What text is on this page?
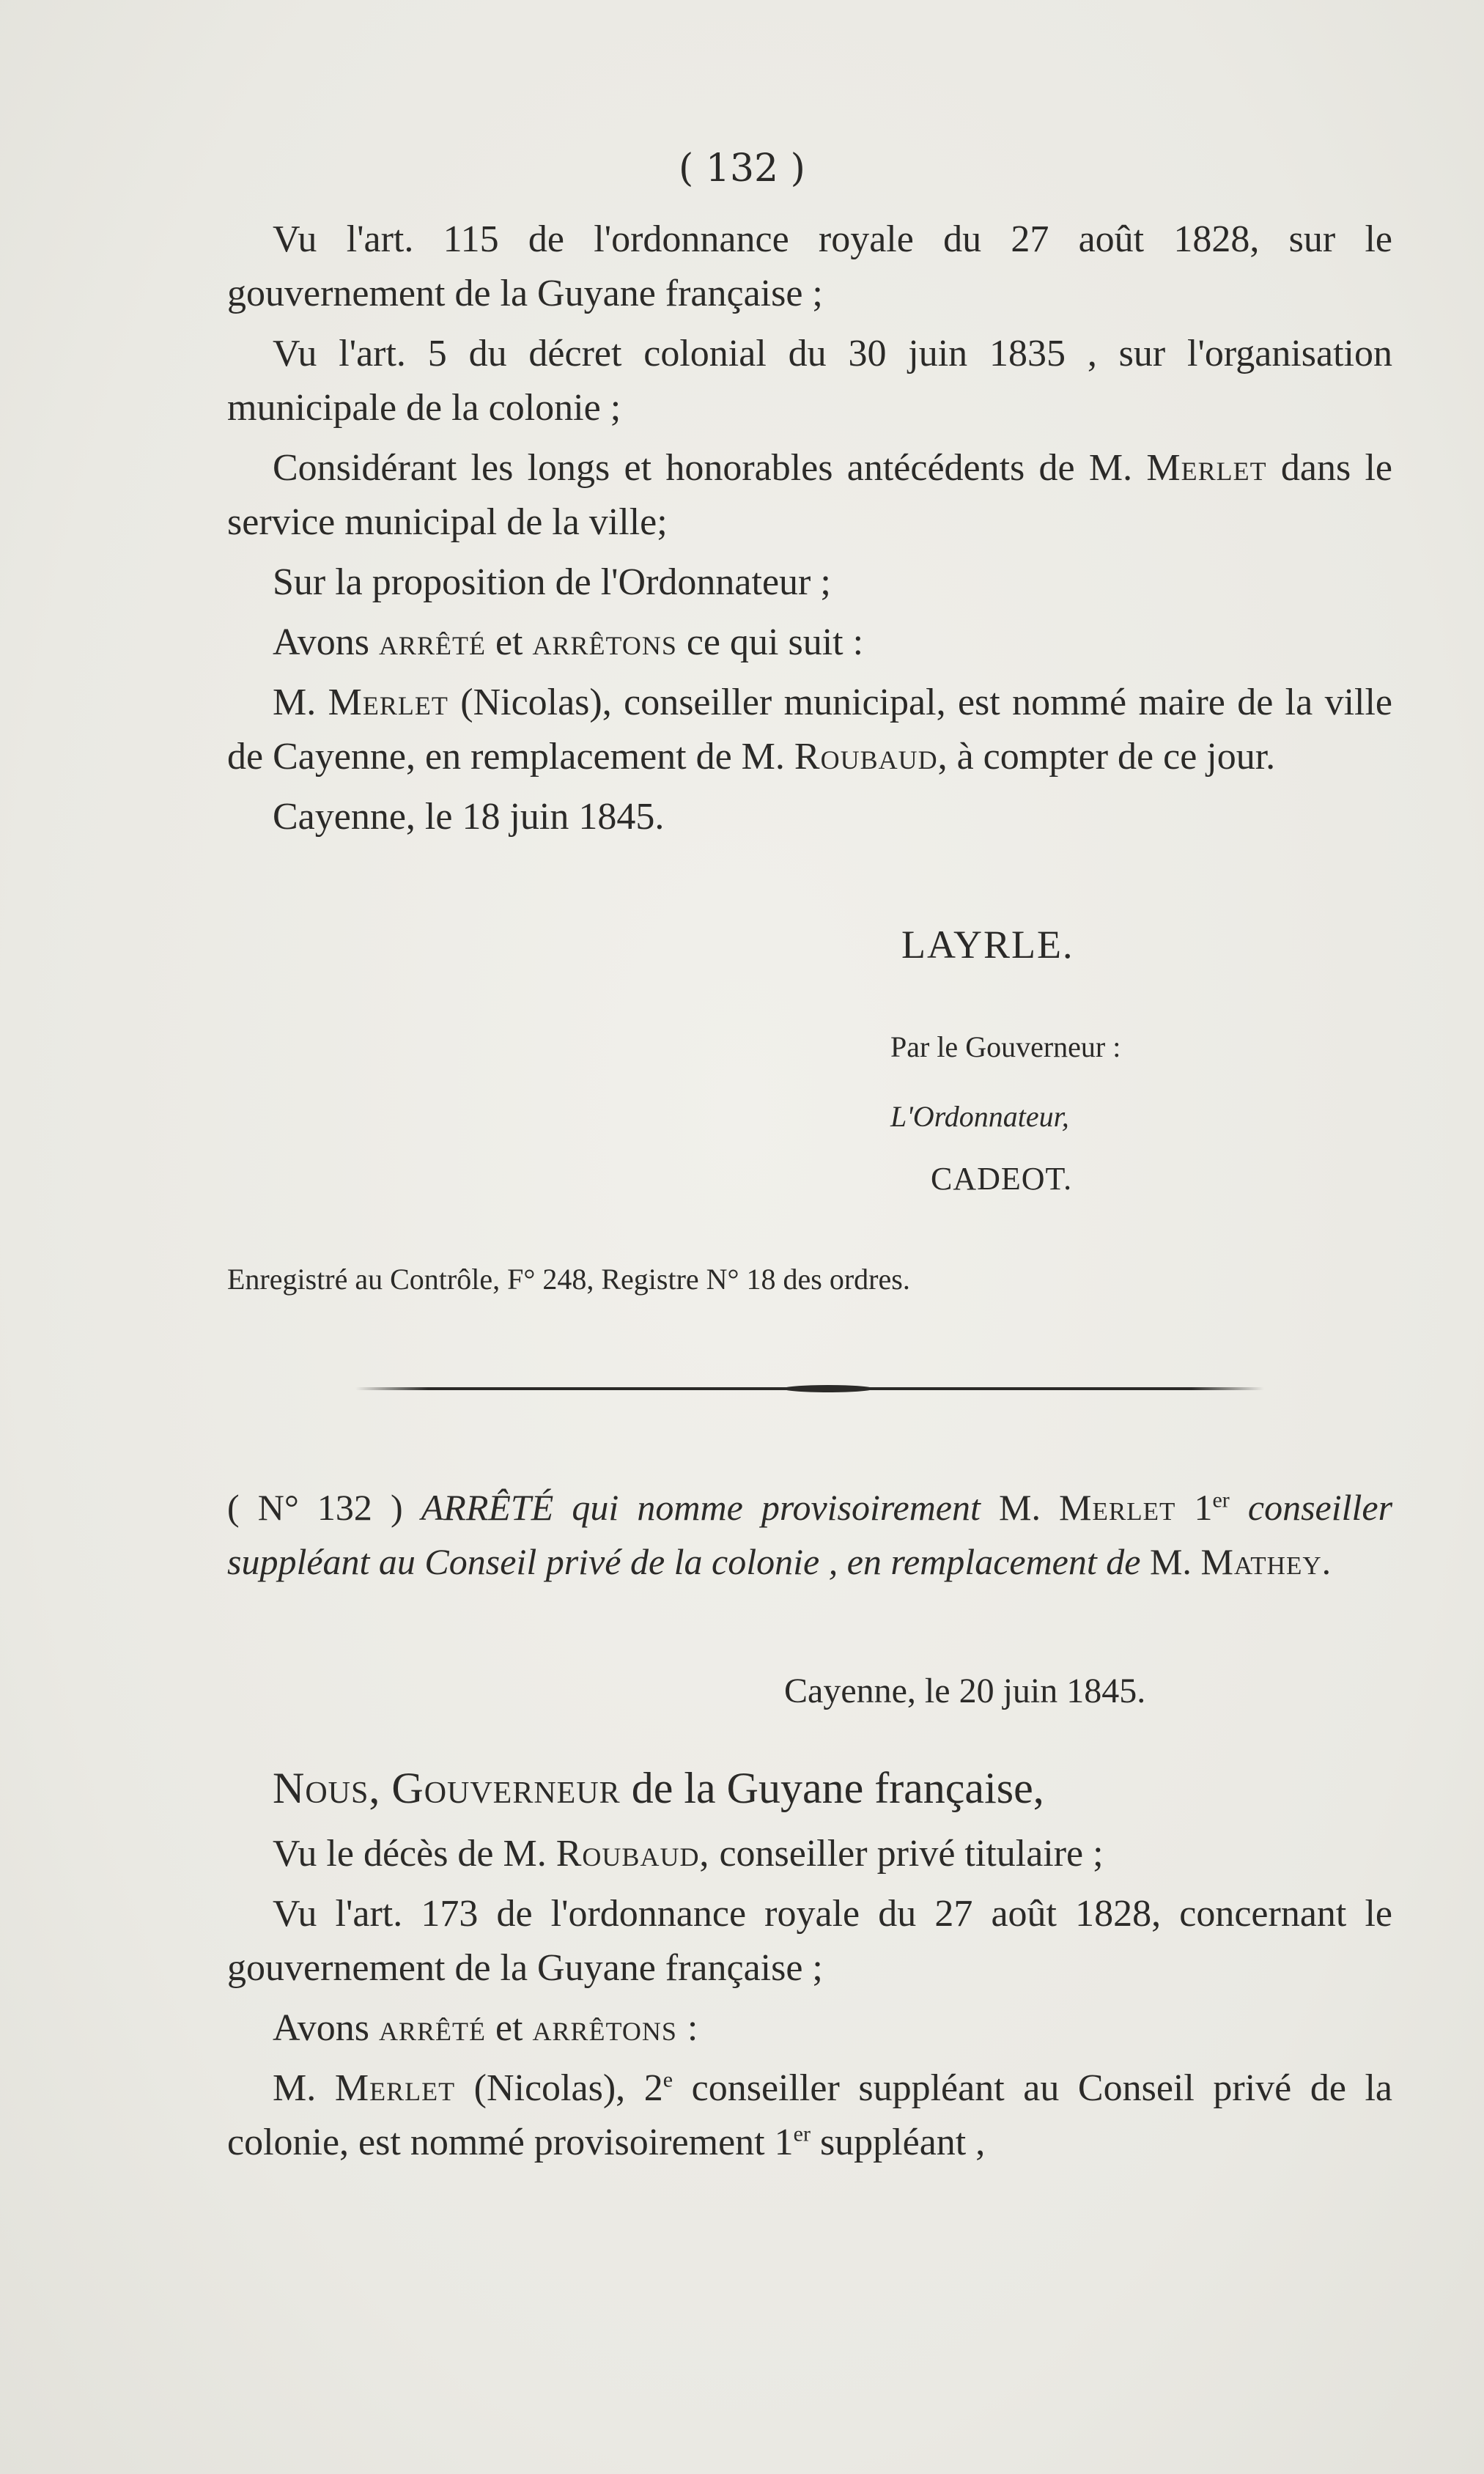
( 132 )

Vu l'art. 115 de l'ordonnance royale du 27 août 1828, sur le gouvernement de la Guyane française ;

Vu l'art. 5 du décret colonial du 30 juin 1835 , sur l'organisation municipale de la colonie ;

Considérant les longs et honorables antécédents de M. Merlet dans le service municipal de la ville;

Sur la proposition de l'Ordonnateur ;

Avons arrêté et arrêtons ce qui suit :

M. Merlet (Nicolas), conseiller municipal, est nommé maire de la ville de Cayenne, en remplacement de M. Roubaud, à compter de ce jour.

Cayenne, le 18 juin 1845.

LAYRLE.
Par le Gouverneur :
L'Ordonnateur,
CADEOT.
Enregistré au Contrôle, F° 248, Registre N° 18 des ordres.

( N° 132 ) ARRÊTÉ qui nomme provisoirement M. Merlet 1er conseiller suppléant au Conseil privé de la colonie , en remplacement de M. Mathey.

Cayenne, le 20 juin 1845.

Nous, Gouverneur de la Guyane française,

Vu le décès de M. Roubaud, conseiller privé titulaire ;

Vu l'art. 173 de l'ordonnance royale du 27 août 1828, concernant le gouvernement de la Guyane française ;

Avons arrêté et arrêtons :

M. Merlet (Nicolas), 2e conseiller suppléant au Conseil privé de la colonie, est nommé provisoirement 1er suppléant ,
